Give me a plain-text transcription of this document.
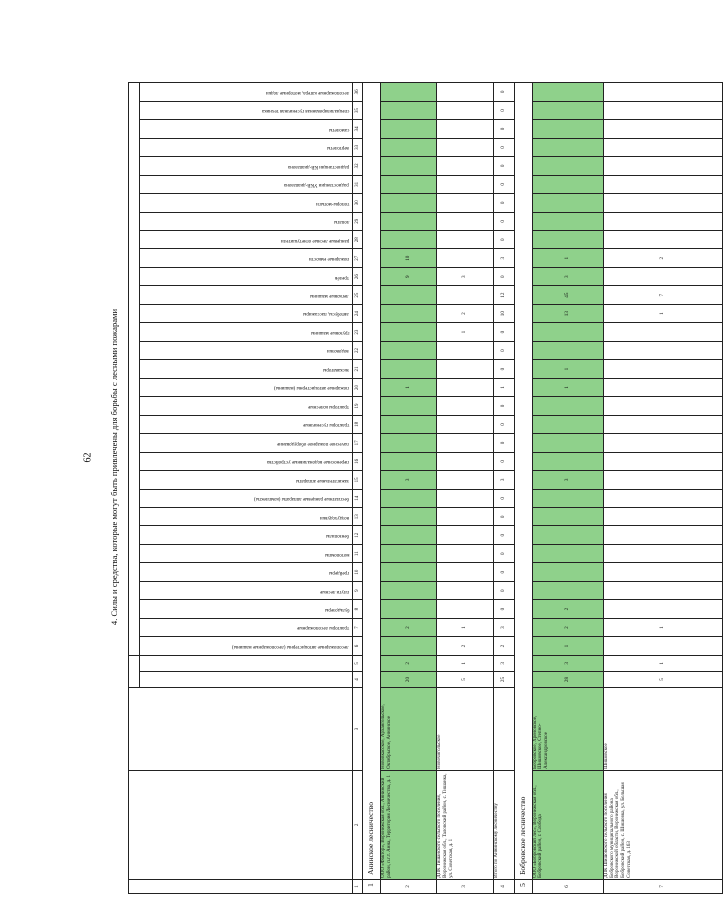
62 4. Силы и средства, которые могут быть привлечены для борьбы с лесными пожарами

					лесопожарные автоцистерны (лесопожарные машины)	тракторы лесопожарные	бульдозеры	плуги лесные	грейдеры	мотопомпы	бензопилы	воздуходувки	бесплатные ранцевые аппараты (комплекты)	зажигательные аппараты	переносные водоналивные устройства	navесное пожарное оборудование	тракторы гусеничные	тракторы колесные	пожарные автоцистерны (машины)	экскаваторы	водовозки	грузовые машины	автобусы, пассажиры	легковые машины	трелёв	пожарные емкости	ранцевые лесные огнетушители	лопаты	топоры-мотыги	радиостанции УКВ-диапазона	радиостанции КВ-диапазона	вертолеты	самолеты	специализированная гусеничная техника	лесопожарные катера, моторные лодки

1	2	3	4	5	6	7	8	9	10	11	12	13	14	15	16	17	18	19	20	21	22	23	24	25	26	27	28	29	30	31	32	33	34	35	36
1	Анинское лесничество																																		
2	ООО «Фактор», Воронежская обл., Аннинский район, п.г.т. Анна, Территория Лесничества, д. 1	Нововкасское, Архангельское, Октябрьское, Аннинское	20	2		2								3					1						9	10									
3	ДПК Тишанского сельского поселения, Воронежская обл., Таловский район, с. Тишанка, ул. Советская, д. 1	Новочигольское	5	1	2	1																1	2		3										
4	Итого по Аннинскому лесничеству		25	3	2	3	0	0	0	0	0	0	0	3	0	0	0	0	1	0	0	0	10	12	0	3	0	0	0	0	0	0	0	0	0
5	Бобровское лесничество																																		
6	ООО «Бобровский лес», Воронежская обл., Бобровский район, г. Слобода	Бобровское, Хреновское, Шишовское, Степно-Александровское	28	3	1	2	2							3					1	1			13	45	3	1									
7	ДПК Шишовского сельского поселения Бобровского муниципального района Воронежской области, Воронежская обл., Бобровский район, с. Шишовка, ул. Большая Советская, д. 163	Шишовское	5	1		1																	1	7		2									
